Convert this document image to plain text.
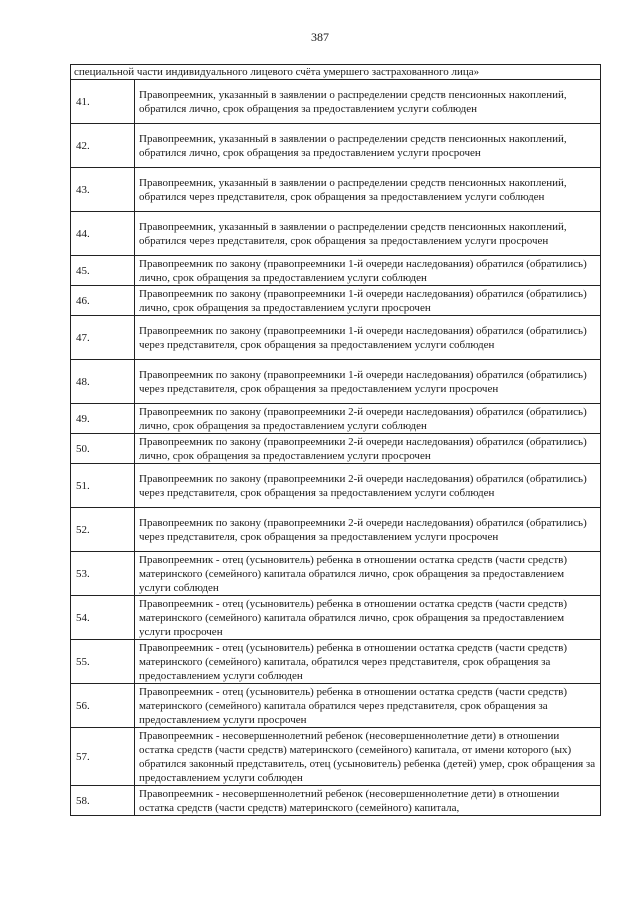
387
специальной части индивидуального лицевого счёта умершего застрахованного лица»	
41.	Правопреемник, указанный в заявлении о распределении средств пенсионных накоплений, обратился лично, срок обращения за предоставлением услуги соблюден
42.	Правопреемник, указанный в заявлении о распределении средств пенсионных накоплений, обратился лично, срок обращения за предоставлением услуги просрочен
43.	Правопреемник, указанный в заявлении о распределении средств пенсионных накоплений, обратился через представителя, срок обращения за предоставлением услуги соблюден
44.	Правопреемник, указанный в заявлении о распределении средств пенсионных накоплений, обратился через представителя, срок обращения за предоставлением услуги просрочен
45.	Правопреемник по закону (правопреемники 1-й очереди наследования) обратился (обратились) лично, срок обращения за предоставлением услуги соблюден
46.	Правопреемник по закону (правопреемники 1-й очереди наследования) обратился (обратились) лично, срок обращения за предоставлением услуги просрочен
47.	Правопреемник по закону (правопреемники 1-й очереди наследования) обратился (обратились) через представителя, срок обращения за предоставлением услуги соблюден
48.	Правопреемник по закону (правопреемники 1-й очереди наследования) обратился (обратились) через представителя, срок обращения за предоставлением услуги просрочен
49.	Правопреемник по закону (правопреемники 2-й очереди наследования) обратился (обратились) лично, срок обращения за предоставлением услуги соблюден
50.	Правопреемник по закону (правопреемники 2-й очереди наследования) обратился (обратились) лично, срок обращения за предоставлением услуги просрочен
51.	Правопреемник по закону (правопреемники 2-й очереди наследования) обратился (обратились) через представителя, срок обращения за предоставлением услуги соблюден
52.	Правопреемник по закону (правопреемники 2-й очереди наследования) обратился (обратились) через представителя, срок обращения за предоставлением услуги просрочен
53.	Правопреемник - отец (усыновитель) ребенка в отношении остатка средств (части средств) материнского (семейного) капитала обратился лично, срок обращения за предоставлением услуги соблюден
54.	Правопреемник - отец (усыновитель) ребенка в отношении остатка средств (части средств) материнского (семейного) капитала обратился лично, срок обращения за предоставлением услуги просрочен
55.	Правопреемник - отец (усыновитель) ребенка в отношении остатка средств (части средств) материнского (семейного) капитала, обратился через представителя, срок обращения за предоставлением услуги соблюден
56.	Правопреемник - отец (усыновитель) ребенка в отношении остатка средств (части средств) материнского (семейного) капитала обратился через представителя, срок обращения за предоставлением услуги просрочен
57.	Правопреемник - несовершеннолетний ребенок (несовершеннолетние дети) в отношении остатка средств (части средств) материнского (семейного) капитала, от имени которого (ых) обратился законный представитель, отец (усыновитель) ребенка (детей) умер, срок обращения за предоставлением услуги соблюден
58.	Правопреемник - несовершеннолетний ребенок (несовершеннолетние дети) в отношении остатка средств (части средств) материнского (семейного) капитала,
